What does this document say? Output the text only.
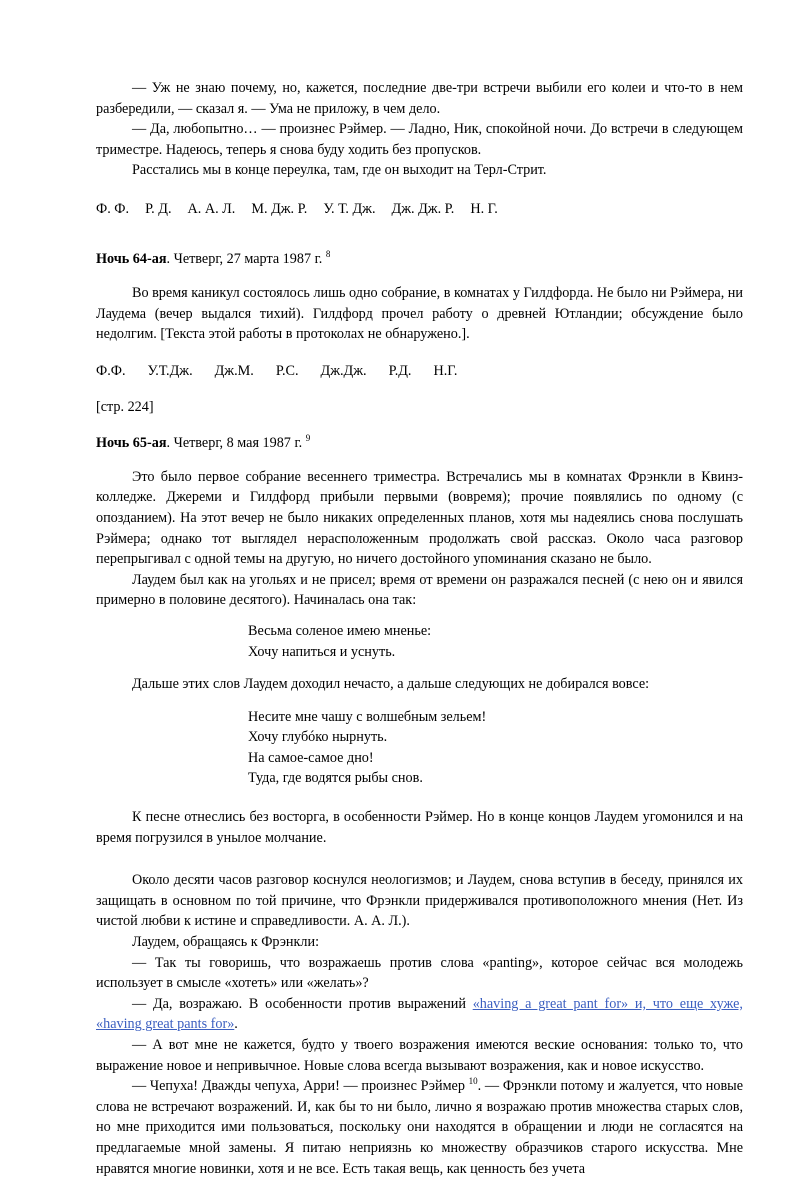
— Уж не знаю почему, но, кажется, последние две-три встречи выбили его колеи и что-то в нем разбередили, — сказал я. — Ума не приложу, в чем дело.

— Да, любопытно… — произнес Рэймер. — Ладно, Ник, спокойной ночи. До встречи в следующем триместре. Надеюсь, теперь я снова буду ходить без пропусков.

Расстались мы в конце переулка, там, где он выходит на Терл-Стрит.

Ф. Ф. Р. Д. А. А. Л. М. Дж. Р. У. Т. Дж. Дж. Дж. Р. Н. Г.
Ночь 64-ая. Четверг, 27 марта 1987 г. $^8$

Во время каникул состоялось лишь одно собрание, в комнатах у Гилдфорда. Не было ни Рэймера, ни Лаудема (вечер выдался тихий). Гилдфорд прочел работу о древней Ютландии; обсуждение было недолгим. [Текста этой работы в протоколах не обнаружено.].

Ф.Ф. У.Т.Дж. Дж.М. Р.С. Дж.Дж. Р.Д. Н.Г.
[стр. 224]
Ночь 65-ая. Четверг, 8 мая 1987 г. $^9$

Это было первое собрание весеннего триместра. Встречались мы в комнатах Фрэнкли в Квинз-колледже. Джереми и Гилдфорд прибыли первыми (вовремя); прочие появлялись по одному (с опозданием). На этот вечер не было никаких определенных планов, хотя мы надеялись снова послушать Рэймера; однако тот выглядел нерасположенным продолжать свой рассказ. Около часа разговор перепрыгивал с одной темы на другую, но ничего достойного упоминания сказано не было.

Лаудем был как на угольях и не присел; время от времени он разражался песней (с нею он и явился примерно в половине десятого). Начиналась она так:

Весьма соленое имею мненье:
Хочу напиться и уснуть.

Дальше этих слов Лаудем доходил нечасто, а дальше следующих не добирался вовсе:

Несите мне чашу с волшебным зельем!
Хочу глубóко нырнуть.
На самое-самое дно!
Туда, где водятся рыбы снов.

К песне отнеслись без восторга, в особенности Рэймер. Но в конце концов Лаудем угомонился и на время погрузился в унылое молчание.

Около десяти часов разговор коснулся неологизмов; и Лаудем, снова вступив в беседу, принялся их защищать в основном по той причине, что Фрэнкли придерживался противоположного мнения (Нет. Из чистой любви к истине и справедливости. А. А. Л.).

Лаудем, обращаясь к Фрэнкли:

— Так ты говоришь, что возражаешь против слова «panting», которое сейчас вся молодежь использует в смысле «хотеть» или «желать»?

— Да, возражаю. В особенности против выражений «having a great pant for» и, что еще хуже, «having great pants for».

— А вот мне не кажется, будто у твоего возражения имеются веские основания: только то, что выражение новое и непривычное. Новые слова всегда вызывают возражения, как и новое искусство.

— Чепуха! Дважды чепуха, Арри! — произнес Рэймер $^{10}$. — Фрэнкли потому и жалуется, что новые слова не встречают возражений. И, как бы то ни было, лично я возражаю против множества старых слов, но мне приходится ими пользоваться, поскольку они находятся в обращении и люди не согласятся на предлагаемые мной замены. Я питаю неприязнь ко множеству образчиков старого искусства. Мне нравятся многие новинки, хотя и не все. Есть такая вещь, как ценность без учета
